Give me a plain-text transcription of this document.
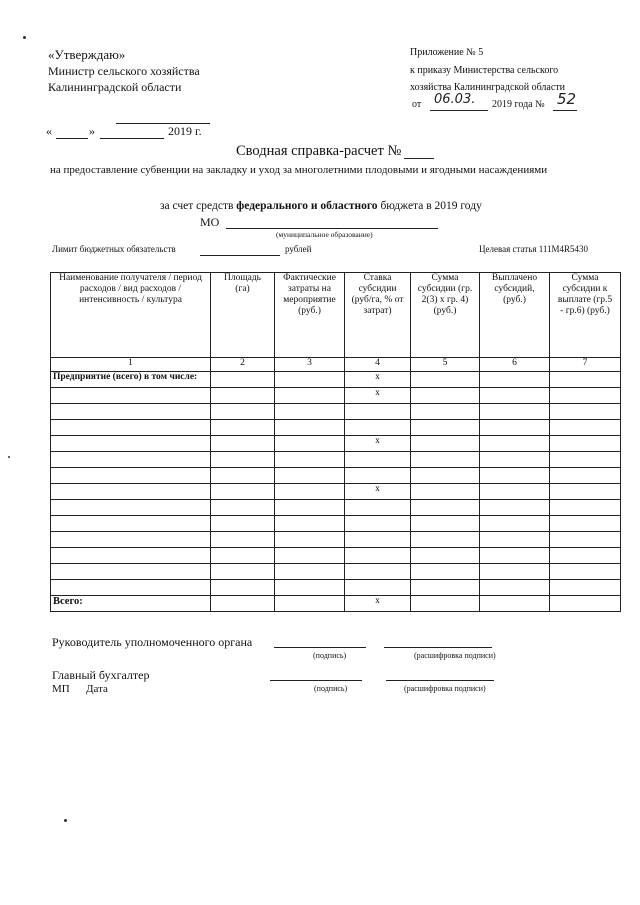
«Утверждаю»
Министр сельского хозяйства
Калининградской области
«	»	2019 г.
Приложение № 5
к приказу Министерства сельского
хозяйства Калининградской области
от 06.03. 2019 года № 52
Сводная справка-расчет №
на предоставление субвенции на закладку и уход за многолетними плодовыми и ягодными насаждениями
за счет средств федерального и областного бюджета в 2019 году
МО
(муниципальное образование)
Лимит бюджетных обязательств	рублей	Целевая статья 111М4R5430
Наименование получателя / период расходов / вид расходов / интенсивность / культура	Площадь (га)	Фактические затраты на мероприятие (руб.)	Ставка субсидии (руб/га, % от затрат)	Сумма субсидии (гр. 2(3) х гр. 4) (руб.)	Выплачено субсидий, (руб.)	Сумма субсидии к выплате (гр.5 - гр.6) (руб.)
1	2	3	4	5	6	7
Предприятие (всего) в том числе:			x			
			x			

			x			

			x			

Всего:			x			
Руководитель уполномоченного органа
(подпись)	(расшифровка подписи)
Главный бухгалтер
(подпись)	(расшифровка подписи)
МП Дата
